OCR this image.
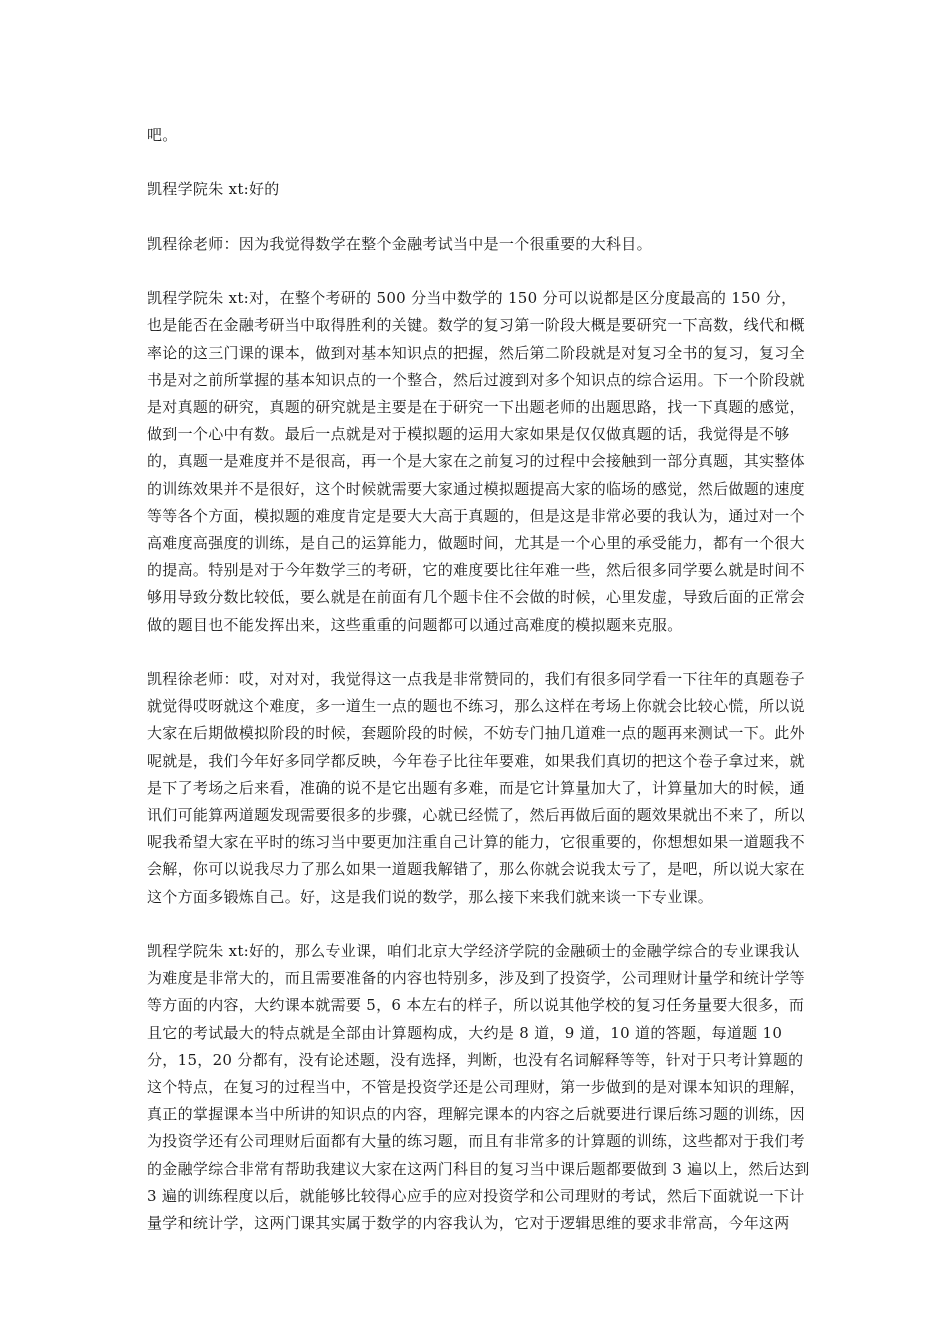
吧。

凯程学院朱 xt:好的

凯程徐老师：因为我觉得数学在整个金融考试当中是一个很重要的大科目。

凯程学院朱 xt:对，在整个考研的 500 分当中数学的 150 分可以说都是区分度最高的 150 分，也是能否在金融考研当中取得胜利的关键。数学的复习第一阶段大概是要研究一下高数，线代和概率论的这三门课的课本，做到对基本知识点的把握，然后第二阶段就是对复习全书的复习，复习全书是对之前所掌握的基本知识点的一个整合，然后过渡到对多个知识点的综合运用。下一个阶段就是对真题的研究，真题的研究就是主要是在于研究一下出题老师的出题思路，找一下真题的感觉，做到一个心中有数。最后一点就是对于模拟题的运用大家如果是仅仅做真题的话，我觉得是不够的，真题一是难度并不是很高，再一个是大家在之前复习的过程中会接触到一部分真题，其实整体的训练效果并不是很好，这个时候就需要大家通过模拟题提高大家的临场的感觉，然后做题的速度等等各个方面，模拟题的难度肯定是要大大高于真题的，但是这是非常必要的我认为，通过对一个高难度高强度的训练，是自己的运算能力，做题时间，尤其是一个心里的承受能力，都有一个很大的提高。特别是对于今年数学三的考研，它的难度要比往年难一些，然后很多同学要么就是时间不够用导致分数比较低，要么就是在前面有几个题卡住不会做的时候，心里发虚，导致后面的正常会做的题目也不能发挥出来，这些重重的问题都可以通过高难度的模拟题来克服。

凯程徐老师：哎，对对对，我觉得这一点我是非常赞同的，我们有很多同学看一下往年的真题卷子就觉得哎呀就这个难度，多一道生一点的题也不练习，那么这样在考场上你就会比较心慌，所以说大家在后期做模拟阶段的时候，套题阶段的时候，不妨专门抽几道难一点的题再来测试一下。此外呢就是，我们今年好多同学都反映，今年卷子比往年要难，如果我们真切的把这个卷子拿过来，就是下了考场之后来看，准确的说不是它出题有多难，而是它计算量加大了，计算量加大的时候，通讯们可能算两道题发现需要很多的步骤，心就已经慌了，然后再做后面的题效果就出不来了，所以呢我希望大家在平时的练习当中要更加注重自己计算的能力，它很重要的，你想想如果一道题我不会解，你可以说我尽力了那么如果一道题我解错了，那么你就会说我太亏了，是吧，所以说大家在这个方面多锻炼自己。好，这是我们说的数学，那么接下来我们就来谈一下专业课。

凯程学院朱 xt:好的，那么专业课，咱们北京大学经济学院的金融硕士的金融学综合的专业课我认为难度是非常大的，而且需要准备的内容也特别多，涉及到了投资学，公司理财计量学和统计学等等方面的内容，大约课本就需要 5，6 本左右的样子，所以说其他学校的复习任务量要大很多，而且它的考试最大的特点就是全部由计算题构成，大约是 8 道，9 道，10 道的答题，每道题 10 分，15，20 分都有，没有论述题，没有选择，判断，也没有名词解释等等，针对于只考计算题的这个特点，在复习的过程当中，不管是投资学还是公司理财，第一步做到的是对课本知识的理解，真正的掌握课本当中所讲的知识点的内容，理解完课本的内容之后就要进行课后练习题的训练，因为投资学还有公司理财后面都有大量的练习题，而且有非常多的计算题的训练，这些都对于我们考的金融学综合非常有帮助我建议大家在这两门科目的复习当中课后题都要做到 3 遍以上，然后达到 3 遍的训练程度以后，就能够比较得心应手的应对投资学和公司理财的考试，然后下面就说一下计量学和统计学，这两门课其实属于数学的内容我认为，它对于逻辑思维的要求非常高，今年这两
